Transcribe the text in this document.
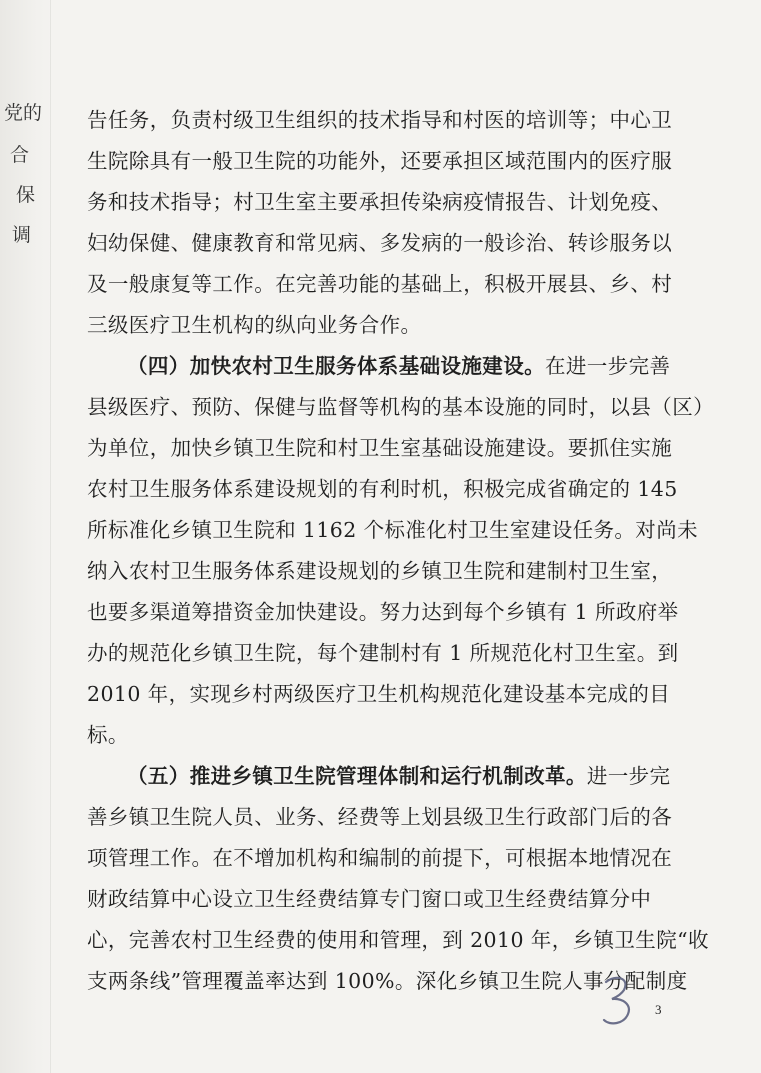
党的
合
保
调
告任务，负责村级卫生组织的技术指导和村医的培训等；中心卫
生院除具有一般卫生院的功能外，还要承担区域范围内的医疗服
务和技术指导；村卫生室主要承担传染病疫情报告、计划免疫、
妇幼保健、健康教育和常见病、多发病的一般诊治、转诊服务以
及一般康复等工作。在完善功能的基础上，积极开展县、乡、村
三级医疗卫生机构的纵向业务合作。
（四）加快农村卫生服务体系基础设施建设。在进一步完善
县级医疗、预防、保健与监督等机构的基本设施的同时，以县（区）
为单位，加快乡镇卫生院和村卫生室基础设施建设。要抓住实施
农村卫生服务体系建设规划的有利时机，积极完成省确定的 145
所标准化乡镇卫生院和 1162 个标准化村卫生室建设任务。对尚未
纳入农村卫生服务体系建设规划的乡镇卫生院和建制村卫生室，
也要多渠道筹措资金加快建设。努力达到每个乡镇有 1 所政府举
办的规范化乡镇卫生院，每个建制村有 1 所规范化村卫生室。到
2010 年，实现乡村两级医疗卫生机构规范化建设基本完成的目
标。
（五）推进乡镇卫生院管理体制和运行机制改革。进一步完
善乡镇卫生院人员、业务、经费等上划县级卫生行政部门后的各
项管理工作。在不增加机构和编制的前提下，可根据本地情况在
财政结算中心设立卫生经费结算专门窗口或卫生经费结算分中
心，完善农村卫生经费的使用和管理，到 2010 年，乡镇卫生院“收
支两条线”管理覆盖率达到 100%。深化乡镇卫生院人事分配制度
3
